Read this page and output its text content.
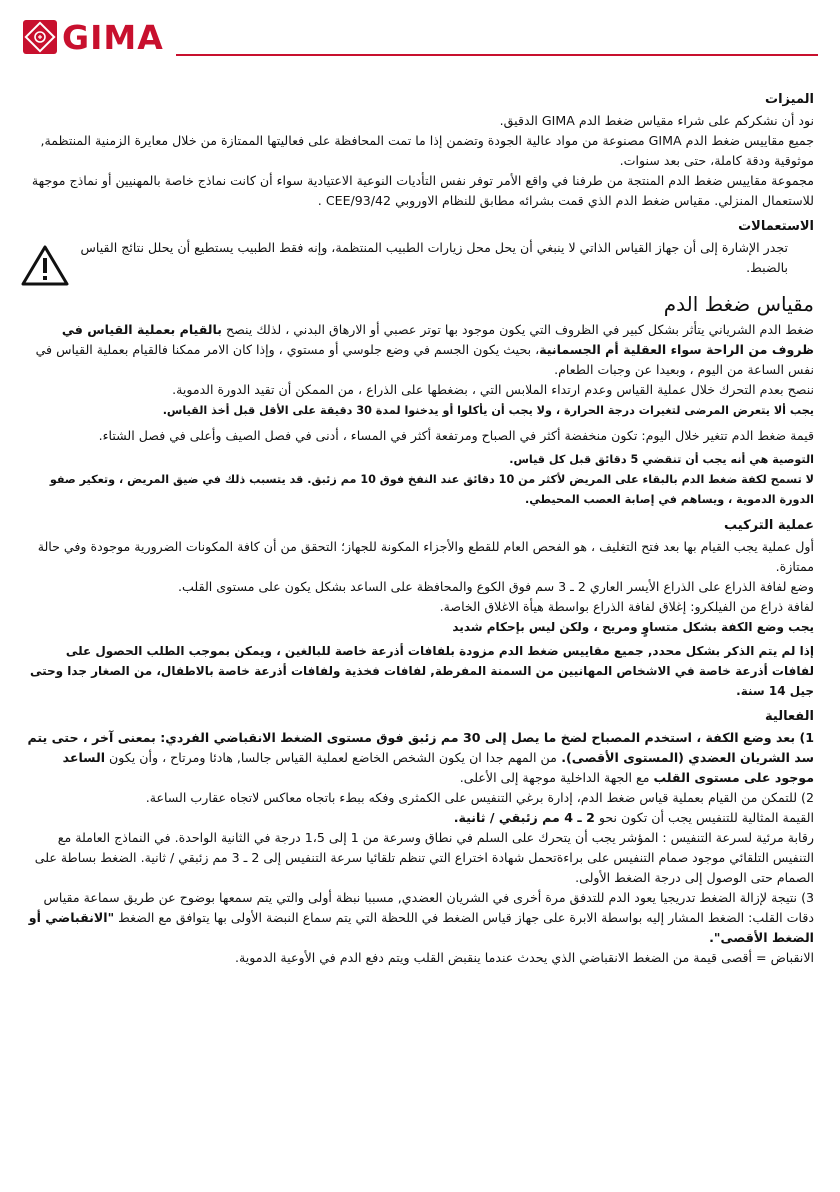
GIMA

الميزات

نود أن نشكركم على شراء مقياس ضغط الدم GIMA الدقيق.

جميع مقاييس ضغط الدم GIMA مصنوعة من مواد عالية الجودة وتضمن إذا ما تمت المحافظة على فعاليتها الممتازة من خلال معايرة الزمنية المنتظمة, موثوقية ودقة كاملة، حتى بعد سنوات.

مجموعة مقاييس ضغط الدم المنتجة من طرفنا في واقع الأمر توفر نفس التأديات النوعية الاعتيادية سواء أن كانت نماذج خاصة بالمهنيين أو نماذج موجهة للاستعمال المنزلي. مقياس ضغط الدم الذي قمت بشرائه مطابق للنظام الاوروبي 93/42/CEE .

الاستعمالات

تجدر الإشارة إلى أن جهاز القياس الذاتي لا ينبغي أن يحل محل زيارات الطبيب المنتظمة، وإنه فقط الطبيب يستطيع أن يحلل نتائج القياس بالضبط.

مقياس ضغط الدم

ضغط الدم الشرياني يتأثر بشكل كبير في الظروف التي يكون موجود بها توتر عصبي أو الارهاق البدني ، لذلك ينصح بالقيام بعملية القياس في ظروف من الراحة سواء العقلية أم الجسمانية، بحيث يكون الجسم في وضع جلوسي أو مستوي ، وإذا كان الامر ممكنا فالقيام بعملية القياس في نفس الساعة من اليوم ، وبعيدا عن وجبات الطعام.

ننصح بعدم التحرك خلال عملية القياس وعدم ارتداء الملابس التي ، بضغطها على الذراع ، من الممكن أن تقيد الدورة الدموية.

يجب ألا يتعرض المرضى لتغيرات درجة الحرارة ، ولا يجب أن يأكلوا أو يدخنوا لمدة 30 دقيقة على الأقل قبل أخذ القياس.

قيمة ضغط الدم تتغير خلال اليوم: تكون منخفضة أكثر في الصباح ومرتفعة أكثر في المساء ، أدنى في فصل الصيف وأعلى في فصل الشتاء.

التوصية هي أنه يجب أن تنقضي 5 دقائق قبل كل قياس.

لا تسمح لكفة ضغط الدم بالبقاء على المريض لأكثر من 10 دقائق عند النفخ فوق 10 مم زئبق. قد يتسبب ذلك في ضيق المريض ، وتعكير صفو الدورة الدموية ، ويساهم في إصابة العصب المحيطي.

عملية التركيب

أول عملية يجب القيام بها بعد فتح التغليف ، هو الفحص العام للقطع والأجزاء المكونة للجهاز؛ التحقق من أن كافة المكونات الضرورية موجودة وفي حالة ممتازة.

وضع لفافة الذراع على الذراع الأيسر العاري 2 ـ 3 سم فوق الكوع والمحافظة على الساعد بشكل يكون على مستوى القلب.

لفافة ذراع من الفيلكرو: إغلاق لفافة الذراع بواسطة هيأة الاغلاق الخاصة.

يجب وضع الكفة بشكل متساوٍ ومريح ، ولكن ليس بإحكام شديد

إذا لم يتم الذكر بشكل محدد, جميع مقاييس ضغط الدم مزودة بلفافات أذرعة خاصة للبالغين ، ويمكن بموجب الطلب الحصول على لفافات أذرعة خاصة في الاشخاص المهانيين من السمنة المفرطة, لفافات فخذية ولفافات أذرعة خاصة بالاطفال، من الصغار جدا وحتى جيل 14 سنة.

الفعالية

1) بعد وضع الكفة ، استخدم المصباح لضخ ما يصل إلى 30 مم زئبق فوق مستوى الضغط الانقباضي الفردي: بمعنى آخر ، حتى يتم سد الشريان العضدي (المستوى الأقصى). من المهم جدا ان يكون الشخص الخاضع لعملية القياس جالسا, هادئا ومرتاح ، وأن يكون الساعد موجود على مستوى القلب مع الجهة الداخلية موجهة إلى الأعلى.

2) للتمكن من القيام بعملية قياس ضغط الدم، إدارة برغي التنفيس على الكمثرى وفكه ببطء باتجاه معاكس لاتجاه عقارب الساعة.

القيمة المثالية للتنفيس يجب أن تكون نحو 2 ـ 4 مم زئبقي / ثانية.

رقابة مرئية لسرعة التنفيس : المؤشر يجب أن يتحرك على السلم في نطاق وسرعة من 1 إلى 1،5 درجة في الثانية الواحدة. في النماذج العاملة مع التنفيس التلقائي موجود صمام التنفيس على براءةتحمل شهادة اختراع التي تنظم تلقائيا سرعة التنفيس إلى 2 ـ 3 مم زئبقي / ثانية. الضغط بساطة على الصمام حتى الوصول إلى درجة الضغط الأولى.

3) نتيجة لإزالة الضغط تدريجيا يعود الدم للتدفق مرة أخرى في الشريان العضدي, مسببا نبظة أولى والتي يتم سمعها بوضوح عن طريق سماعة مقياس دقات القلب: الضغط المشار إليه بواسطة الابرة على جهاز قياس الضغط في اللحظة التي يتم سماع النبضة الأولى بها يتوافق مع الضغط "الانقباضي أو الضغط الأقصى".

الانقباض = أقصى قيمة من الضغط الانقباضي الذي يحدث عندما ينقبض القلب ويتم دفع الدم في الأوعية الدموية.
